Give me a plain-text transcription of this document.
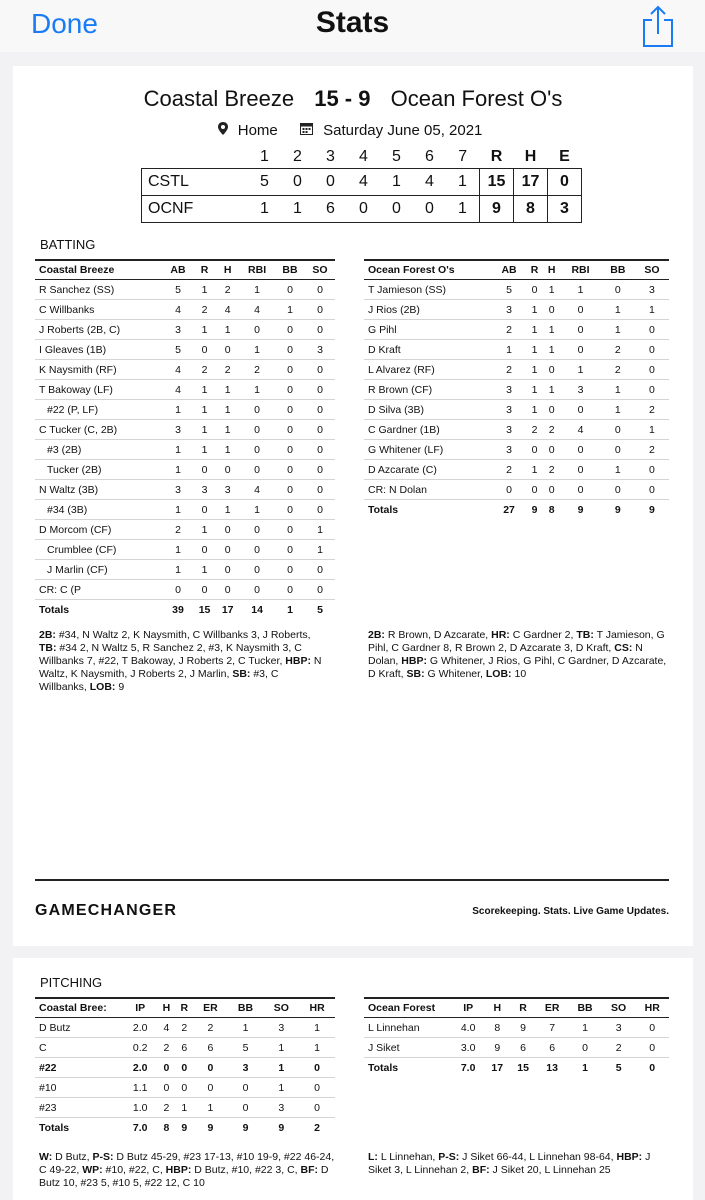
Done	Stats
Coastal Breeze 15 - 9 Ocean Forest O's
Home	Saturday June 05, 2021
	1	2	3	4	5	6	7	R	H	E
CSTL	5	0	0	4	1	4	1	15	17	0
OCNF	1	1	6	0	0	0	1	9	8	3
BATTING
Coastal Breeze	AB	R	H	RBI	BB	SO
R Sanchez (SS)	5	1	2	1	0	0
C Willbanks	4	2	4	4	1	0
J Roberts (2B, C)	3	1	1	0	0	0
I Gleaves (1B)	5	0	0	1	0	3
K Naysmith (RF)	4	2	2	2	0	0
T Bakoway (LF)	4	1	1	1	0	0
#22 (P, LF)	1	1	1	0	0	0
C Tucker (C, 2B)	3	1	1	0	0	0
#3 (2B)	1	1	1	0	0	0
Tucker (2B)	1	0	0	0	0	0
N Waltz (3B)	3	3	3	4	0	0
#34 (3B)	1	0	1	1	0	0
D Morcom (CF)	2	1	0	0	0	1
Crumblee (CF)	1	0	0	0	0	1
J Marlin (CF)	1	1	0	0	0	0
CR: C (P	0	0	0	0	0	0
Totals	39	15	17	14	1	5
Ocean Forest O's	AB	R	H	RBI	BB	SO
T Jamieson (SS)	5	0	1	1	0	3
J Rios (2B)	3	1	0	0	1	1
G Pihl	2	1	1	0	1	0
D Kraft	1	1	1	0	2	0
L Alvarez (RF)	2	1	0	1	2	0
R Brown (CF)	3	1	1	3	1	0
D Silva (3B)	3	1	0	0	1	2
C Gardner (1B)	3	2	2	4	0	1
G Whitener (LF)	3	0	0	0	0	2
D Azcarate (C)	2	1	2	0	1	0
CR: N Dolan	0	0	0	0	0	0
Totals	27	9	8	9	9	9
2B: #34, N Waltz 2, K Naysmith, C Willbanks 3, J Roberts, TB: #34 2, N Waltz 5, R Sanchez 2, #3, K Naysmith 3, C Willbanks 7, #22, T Bakoway, J Roberts 2, C Tucker, HBP: N Waltz, K Naysmith, J Roberts 2, J Marlin, SB: #3, C Willbanks, LOB: 9
2B: R Brown, D Azcarate, HR: C Gardner 2, TB: T Jamieson, G Pihl, C Gardner 8, R Brown 2, D Azcarate 3, D Kraft, CS: N Dolan, HBP: G Whitener, J Rios, G Pihl, C Gardner, D Azcarate, D Kraft, SB: G Whitener, LOB: 10
GAMECHANGER	Scorekeeping. Stats. Live Game Updates.
PITCHING
Coastal Bree:	IP	H	R	ER	BB	SO	HR
D Butz	2.0	4	2	2	1	3	1
C	0.2	2	6	6	5	1	1
#22	2.0	0	0	0	3	1	0
#10	1.1	0	0	0	0	1	0
#23	1.0	2	1	1	0	3	0
Totals	7.0	8	9	9	9	9	2
Ocean Forest	IP	H	R	ER	BB	SO	HR
L Linnehan	4.0	8	9	7	1	3	0
J Siket	3.0	9	6	6	0	2	0
Totals	7.0	17	15	13	1	5	0
W: D Butz, P-S: D Butz 45-29, #23 17-13, #10 19-9, #22 46-24, C 49-22, WP: #10, #22, C, HBP: D Butz, #10, #22 3, C, BF: D Butz 10, #23 5, #10 5, #22 12, C 10
L: L Linnehan, P-S: J Siket 66-44, L Linnehan 98-64, HBP: J Siket 3, L Linnehan 2, BF: J Siket 20, L Linnehan 25
